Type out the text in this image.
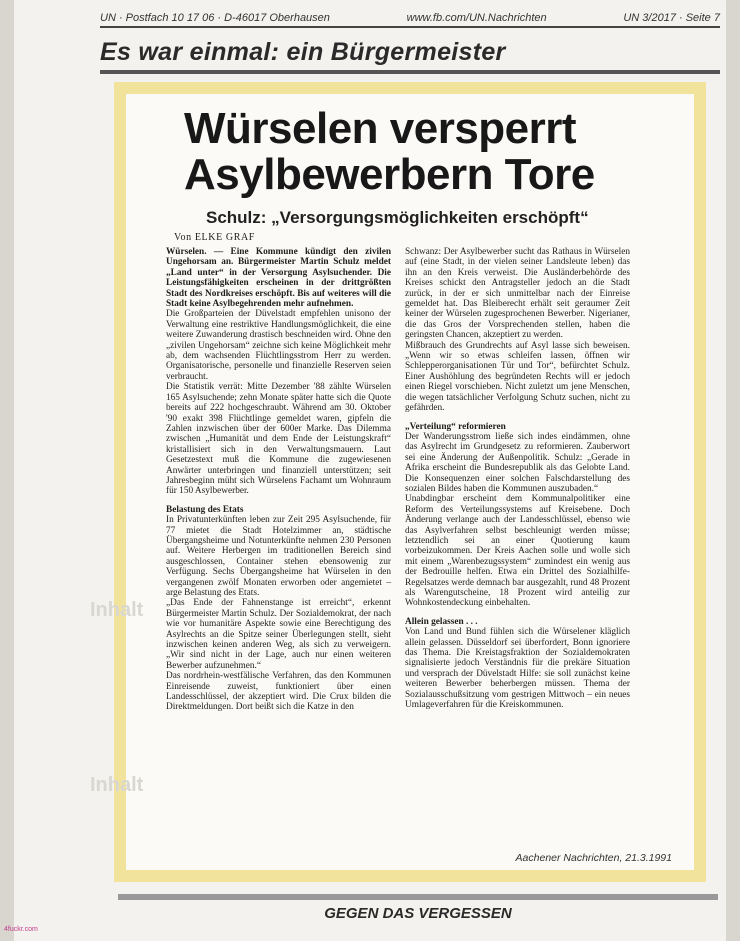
UN · Postfach 10 17 06 · D-46017 Oberhausen	www.fb.com/UN.Nachrichten	UN 3/2017 · Seite 7
Es war einmal: ein Bürgermeister
Inhalt
Inhalt
Würselen versperrt Asylbewerbern Tore
Schulz: „Versorgungsmöglichkeiten erschöpft“
Von ELKE GRAF

Würselen. — Eine Kommune kündigt den zivilen Ungehorsam an. Bürgermeister Martin Schulz meldet „Land unter“ in der Versorgung Asylsuchender. Die Leistungsfähigkeiten erscheinen in der drittgrößten Stadt des Nordkreises erschöpft. Bis auf weiteres will die Stadt keine Asylbegehrenden mehr aufnehmen.

Die Großparteien der Düvelstadt empfehlen unisono der Verwaltung eine restriktive Handlungsmöglichkeit, die eine weitere Zuwanderung drastisch beschneiden wird. Ohne den „zivilen Ungehorsam“ zeichne sich keine Möglichkeit mehr ab, dem wachsenden Flüchtlingsstrom Herr zu werden. Organisatorische, personelle und finanzielle Reserven seien verbraucht.

Die Statistik verrät: Mitte Dezember '88 zählte Würselen 165 Asylsuchende; zehn Monate später hatte sich die Quote bereits auf 222 hochgeschraubt. Während am 30. Oktober '90 exakt 398 Flüchtlinge gemeldet waren, gipfeln die Zahlen inzwischen über der 600er Marke. Das Dilemma zwischen „Humanität und dem Ende der Leistungskraft“ kristallisiert sich in den Verwaltungsmauern. Laut Gesetzestext muß die Kommune die zugewiesenen Anwärter unterbringen und finanziell unterstützen; seit Jahresbeginn müht sich Würselens Fachamt um Wohnraum für 150 Asylbewerber.

Belastung des Etats

In Privatunterkünften leben zur Zeit 295 Asylsuchende, für 77 mietet die Stadt Hotelzimmer an, städtische Übergangsheime und Notunterkünfte nehmen 230 Personen auf. Weitere Herbergen im traditionellen Bereich sind ausgeschlossen, Container stehen ebensowenig zur Verfügung. Sechs Übergangsheime hat Würselen in den vergangenen zwölf Monaten erworben oder angemietet – arge Belastung des Etats.

„Das Ende der Fahnenstange ist erreicht“, erkennt Bürgermeister Martin Schulz. Der Sozialdemokrat, der nach wie vor humanitäre Aspekte sowie eine Berechtigung des Asylrechts an die Spitze seiner Überlegungen stellt, sieht inzwischen keinen anderen Weg, als sich zu verweigern. „Wir sind nicht in der Lage, auch nur einen weiteren Bewerber aufzunehmen.“

Das nordrhein-westfälische Verfahren, das den Kommunen Einreisende zuweist, funktioniert über einen Landesschlüssel, der akzeptiert wird. Die Crux bilden die Direktmeldungen. Dort beißt sich die Katze in den

Schwanz: Der Asylbewerber sucht das Rathaus in Würselen auf (eine Stadt, in der vielen seiner Landsleute leben) das ihn an den Kreis verweist. Die Ausländerbehörde des Kreises schickt den Antragsteller jedoch an die Stadt zurück, in der er sich unmittelbar nach der Einreise gemeldet hat. Das Bleiberecht erhält seit geraumer Zeit keiner der Würselen zugesprochenen Bewerber. Nigerianer, die das Gros der Vorsprechenden stellen, haben die geringsten Chancen, akzeptiert zu werden.

Mißbrauch des Grundrechts auf Asyl lasse sich beweisen. „Wenn wir so etwas schleifen lassen, öffnen wir Schlepperorganisationen Tür und Tor“, befürchtet Schulz. Einer Aushöhlung des begründeten Rechts will er jedoch einen Riegel vorschieben. Nicht zuletzt um jene Menschen, die wegen tatsächlicher Verfolgung Schutz suchen, nicht zu gefährden.

„Verteilung“ reformieren

Der Wanderungsstrom ließe sich indes eindämmen, ohne das Asylrecht im Grundgesetz zu reformieren. Zauberwort sei eine Änderung der Außenpolitik. Schulz: „Gerade in Afrika erscheint die Bundesrepublik als das Gelobte Land. Die Konsequenzen einer solchen Falschdarstellung des sozialen Bildes haben die Kommunen auszubaden.“

Unabdingbar erscheint dem Kommunalpolitiker eine Reform des Verteilungssystems auf Kreisebene. Doch Änderung verlange auch der Landesschlüssel, ebenso wie das Asylverfahren selbst beschleunigt werden müsse; letztendlich sei an einer Quotierung kaum vorbeizukommen. Der Kreis Aachen solle und wolle sich mit einem „Warenbezugssystem“ zumindest ein wenig aus der Bedrouille helfen. Etwa ein Drittel des Sozialhilfe-Regelsatzes werde demnach bar ausgezahlt, rund 48 Prozent als Warengutscheine, 18 Prozent wird anteilig zur Wohnkostendeckung einbehalten.

Allein gelassen . . .

Von Land und Bund fühlen sich die Würselener kläglich allein gelassen. Düsseldorf sei überfordert, Bonn ignoriere das Thema. Die Kreistagsfraktion der Sozialdemokraten signalisierte jedoch Verständnis für die prekäre Situation und versprach der Düvelstadt Hilfe: sie soll zunächst keine weiteren Bewerber beherbergen müssen. Thema der Sozialausschußsitzung vom gestrigen Mittwoch – ein neues Umlageverfahren für die Kreiskommunen.

Aachener Nachrichten, 21.3.1991
GEGEN DAS VERGESSEN
4fuckr.com
